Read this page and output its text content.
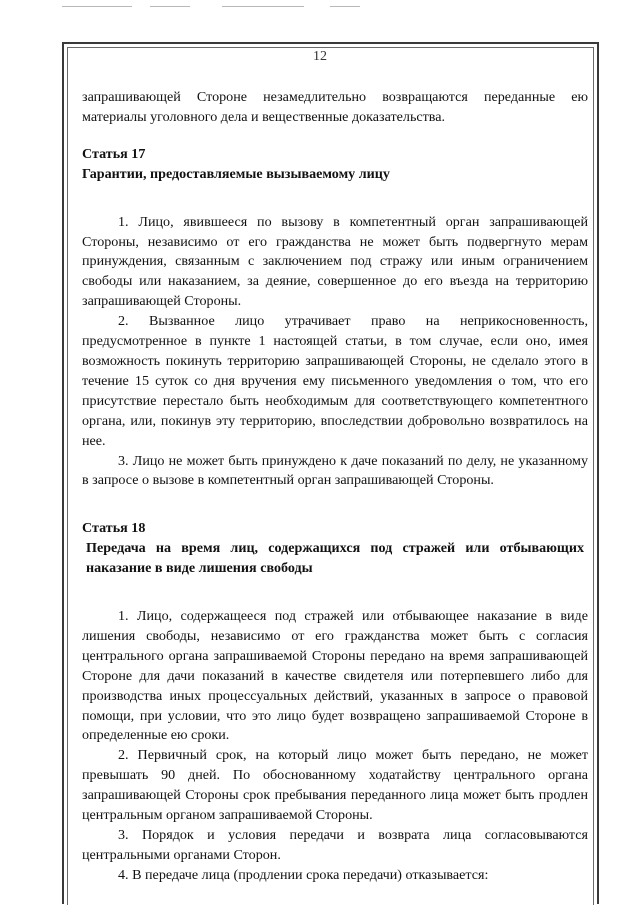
12

запрашивающей Стороне незамедлительно возвращаются переданные ею материалы уголовного дела и вещественные доказательства.

Статья 17

Гарантии, предоставляемые вызываемому лицу

1. Лицо, явившееся по вызову в компетентный орган запрашивающей Стороны, независимо от его гражданства не может быть подвергнуто мерам принуждения, связанным с заключением под стражу или иным ограничением свободы или наказанием, за деяние, совершенное до его въезда на территорию запрашивающей Стороны.

2. Вызванное лицо утрачивает право на неприкосновенность, предусмотренное в пункте 1 настоящей статьи, в том случае, если оно, имея возможность покинуть территорию запрашивающей Стороны, не сделало этого в течение 15 суток со дня вручения ему письменного уведомления о том, что его присутствие перестало быть необходимым для соответствующего компетентного органа, или, покинув эту территорию, впоследствии добровольно возвратилось на нее.

3. Лицо не может быть принуждено к даче показаний по делу, не указанному в запросе о вызове в компетентный орган запрашивающей Стороны.

Статья 18

Передача на время лиц, содержащихся под стражей или отбывающих наказание в виде лишения свободы

1. Лицо, содержащееся под стражей или отбывающее наказание в виде лишения свободы, независимо от его гражданства может быть с согласия центрального органа запрашиваемой Стороны передано на время запрашивающей Стороне для дачи показаний в качестве свидетеля или потерпевшего либо для производства иных процессуальных действий, указанных в запросе о правовой помощи, при условии, что это лицо будет возвращено запрашиваемой Стороне в определенные ею сроки.

2. Первичный срок, на который лицо может быть передано, не может превышать 90 дней. По обоснованному ходатайству центрального органа запрашивающей Стороны срок пребывания переданного лица может быть продлен центральным органом запрашиваемой Стороны.

3. Порядок и условия передачи и возврата лица согласовываются центральными органами Сторон.

4. В передаче лица (продлении срока передачи) отказывается:
